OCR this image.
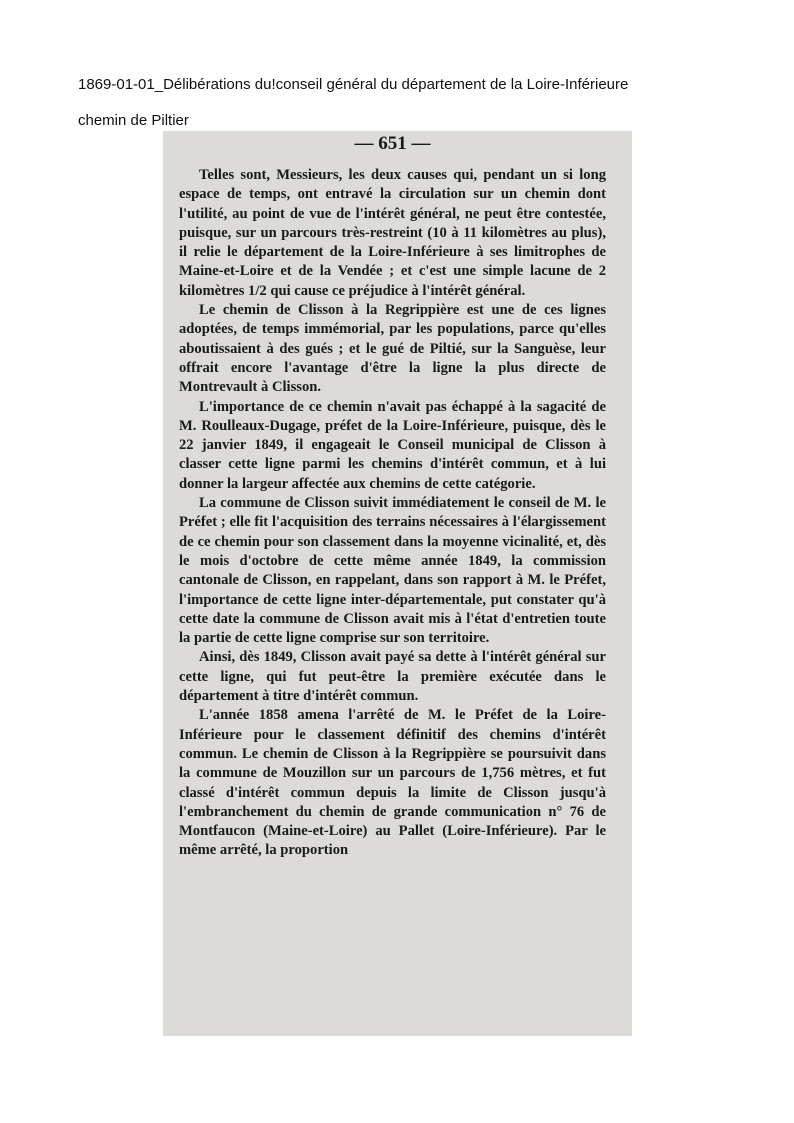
1869-01-01_Délibérations du!conseil général du département de la Loire-Inférieure
chemin de Piltier
— 651 —

Telles sont, Messieurs, les deux causes qui, pendant un si long espace de temps, ont entravé la circulation sur un chemin dont l'utilité, au point de vue de l'intérêt général, ne peut être contestée, puisque, sur un parcours très-restreint (10 à 11 kilomètres au plus), il relie le département de la Loire-Inférieure à ses limitrophes de Maine-et-Loire et de la Vendée ; et c'est une simple lacune de 2 kilomètres 1/2 qui cause ce préjudice à l'intérêt général.

Le chemin de Clisson à la Regrippière est une de ces lignes adoptées, de temps immémorial, par les populations, parce qu'elles aboutissaient à des gués ; et le gué de Piltié, sur la Sanguèse, leur offrait encore l'avantage d'être la ligne la plus directe de Montrevault à Clisson.

L'importance de ce chemin n'avait pas échappé à la sagacité de M. Roulleaux-Dugage, préfet de la Loire-Inférieure, puisque, dès le 22 janvier 1849, il engageait le Conseil municipal de Clisson à classer cette ligne parmi les chemins d'intérêt commun, et à lui donner la largeur affectée aux chemins de cette catégorie.

La commune de Clisson suivit immédiatement le conseil de M. le Préfet ; elle fit l'acquisition des terrains nécessaires à l'élargissement de ce chemin pour son classement dans la moyenne vicinalité, et, dès le mois d'octobre de cette même année 1849, la commission cantonale de Clisson, en rappelant, dans son rapport à M. le Préfet, l'importance de cette ligne inter-départementale, put constater qu'à cette date la commune de Clisson avait mis à l'état d'entretien toute la partie de cette ligne comprise sur son territoire.

Ainsi, dès 1849, Clisson avait payé sa dette à l'intérêt général sur cette ligne, qui fut peut-être la première exécutée dans le département à titre d'intérêt commun.

L'année 1858 amena l'arrêté de M. le Préfet de la Loire-Inférieure pour le classement définitif des chemins d'intérêt commun. Le chemin de Clisson à la Regrippière se poursuivit dans la commune de Mouzillon sur un parcours de 1,756 mètres, et fut classé d'intérêt commun depuis la limite de Clisson jusqu'à l'embranchement du chemin de grande communication n° 76 de Montfaucon (Maine-et-Loire) au Pallet (Loire-Inférieure). Par le même arrêté, la proportion
